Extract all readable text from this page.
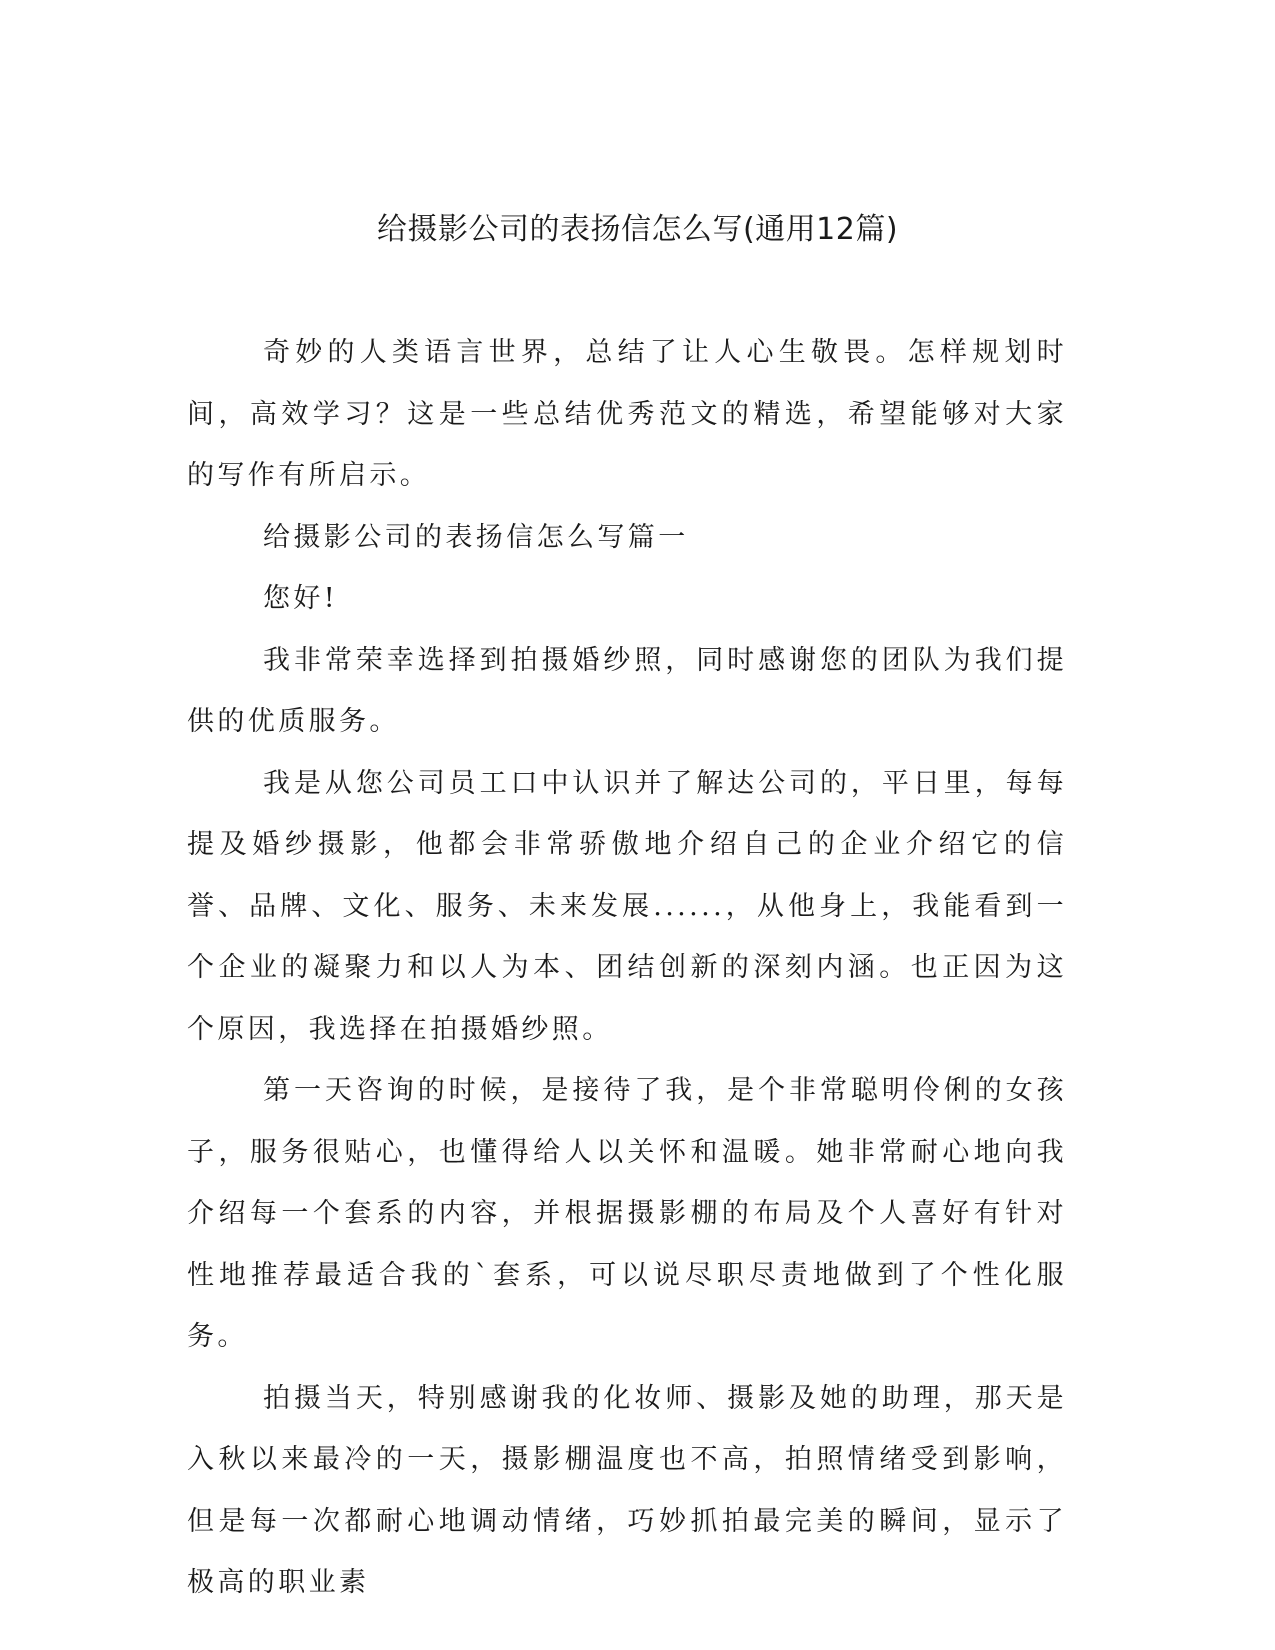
给摄影公司的表扬信怎么写(通用12篇)

奇妙的人类语言世界，总结了让人心生敬畏。怎样规划时间，高效学习？这是一些总结优秀范文的精选，希望能够对大家的写作有所启示。

给摄影公司的表扬信怎么写篇一

您好!

我非常荣幸选择到拍摄婚纱照，同时感谢您的团队为我们提供的优质服务。

我是从您公司员工口中认识并了解达公司的，平日里，每每提及婚纱摄影，他都会非常骄傲地介绍自己的企业介绍它的信誉、品牌、文化、服务、未来发展......，从他身上，我能看到一个企业的凝聚力和以人为本、团结创新的深刻内涵。也正因为这个原因，我选择在拍摄婚纱照。

第一天咨询的时候，是接待了我，是个非常聪明伶俐的女孩子，服务很贴心，也懂得给人以关怀和温暖。她非常耐心地向我介绍每一个套系的内容，并根据摄影棚的布局及个人喜好有针对性地推荐最适合我的`套系，可以说尽职尽责地做到了个性化服务。

拍摄当天，特别感谢我的化妆师、摄影及她的助理，那天是入秋以来最冷的一天，摄影棚温度也不高，拍照情绪受到影响，但是每一次都耐心地调动情绪，巧妙抓拍最完美的瞬间，显示了极高的职业素
